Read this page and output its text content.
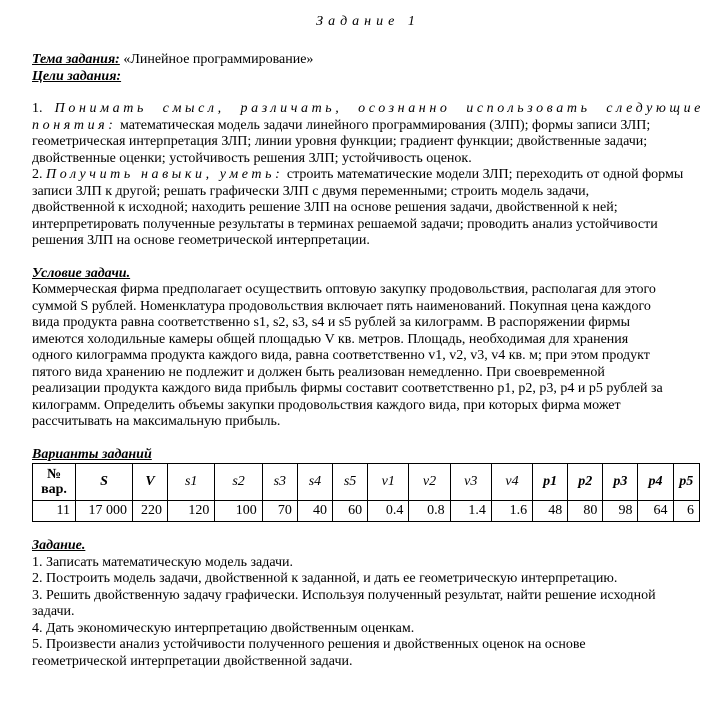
Задание 1

Тема задания: «Линейное программирование»

Цели задания:

1. Понимать смысл, различать, осознанно использовать следующие

понятия: математическая модель задачи линейного программирования (ЗЛП); формы записи ЗЛП;

геометрическая интерпретация ЗЛП; линии уровня функции; градиент функции; двойственные задачи;

двойственные оценки; устойчивость решения ЗЛП; устойчивость оценок.

2. Получить навыки, уметь: строить математические модели ЗЛП; переходить от одной формы

записи ЗЛП к другой; решать графически ЗЛП с двумя переменными; строить модель задачи,

двойственной к исходной; находить решение ЗЛП на основе решения задачи, двойственной к ней;

интерпретировать полученные результаты в терминах решаемой задачи; проводить анализ устойчивости

решения ЗЛП на основе геометрической интерпретации.

Условие задачи.

Коммерческая фирма предполагает осуществить оптовую закупку продовольствия, располагая для этого

суммой S рублей. Номенклатура продовольствия включает пять наименований. Покупная цена каждого

вида продукта равна соответственно s1, s2, s3, s4 и s5 рублей за килограмм. В распоряжении фирмы

имеются холодильные камеры общей площадью V кв. метров. Площадь, необходимая для хранения

одного килограмма продукта каждого вида, равна соответственно v1, v2, v3, v4 кв. м; при этом продукт

пятого вида хранению не подлежит и должен быть реализован немедленно. При своевременной

реализации продукта каждого вида прибыль фирмы составит соответственно p1, p2, p3, p4 и p5 рублей за

килограмм. Определить объемы закупки продовольствия каждого вида, при которых фирма может

рассчитывать на максимальную прибыль.

Варианты заданий

№ вар.	S	V	s1	s2	s3	s4	s5	v1	v2	v3	v4	p1	p2	p3	p4	p5
11	17 000	220	120	100	70	40	60	0.4	0.8	1.4	1.6	48	80	98	64	6

Задание.

1. Записать математическую модель задачи.

2. Построить модель задачи, двойственной к заданной, и дать ее геометрическую интерпретацию.

3. Решить двойственную задачу графически. Используя полученный результат, найти решение исходной

задачи.

4. Дать экономическую интерпретацию двойственным оценкам.

5. Произвести анализ устойчивости полученного решения и двойственных оценок на основе

геометрической интерпретации двойственной задачи.
